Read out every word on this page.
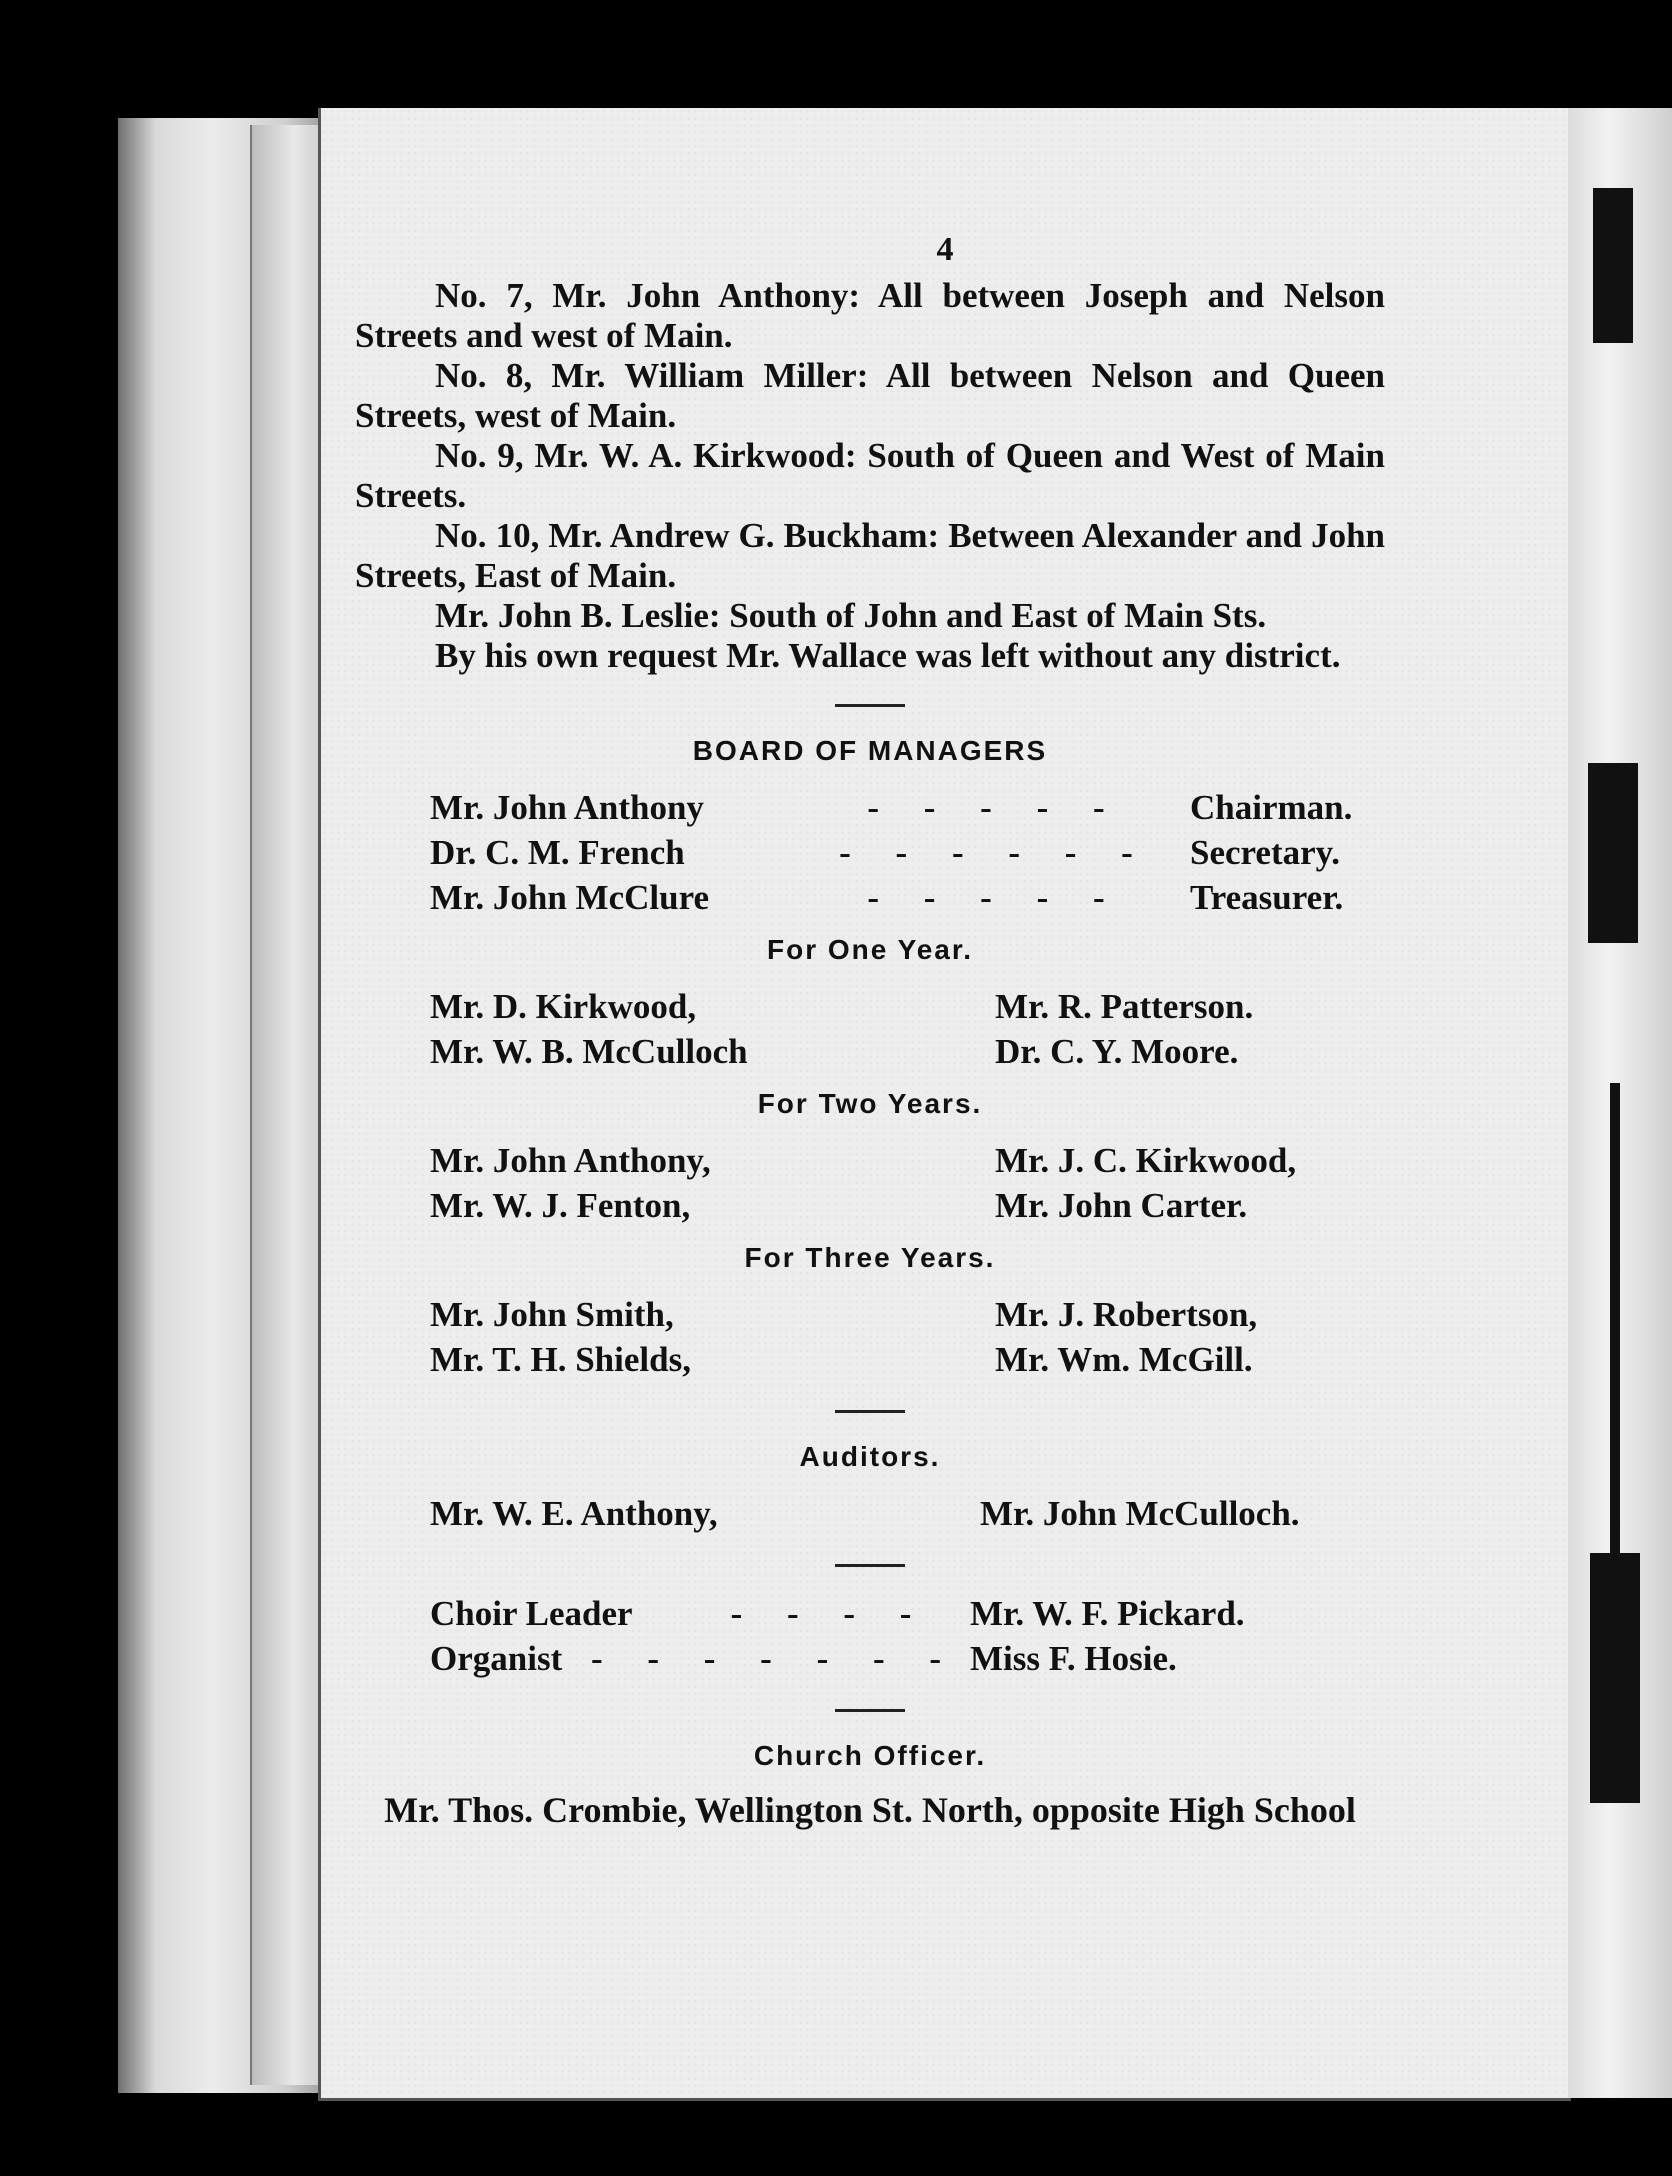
4

No. 7, Mr. John Anthony: All between Joseph and Nelson Streets and west of Main.

No. 8, Mr. William Miller: All between Nelson and Queen Streets, west of Main.

No. 9, Mr. W. A. Kirkwood: South of Queen and West of Main Streets.

No. 10, Mr. Andrew G. Buckham: Between Alexander and John Streets, East of Main.

Mr. John B. Leslie: South of John and East of Main Sts.

By his own request Mr. Wallace was left without any district.

BOARD OF MANAGERS
Mr. John Anthony	- - - - -	Chairman.
Dr. C. M. French	- - - - - -	Secretary.
Mr. John McClure	- - - - -	Treasurer.
For One Year.
Mr. D. Kirkwood,	Mr. R. Patterson.
Mr. W. B. McCulloch	Dr. C. Y. Moore.
For Two Years.
Mr. John Anthony,	Mr. J. C. Kirkwood,
Mr. W. J. Fenton,	Mr. John Carter.
For Three Years.
Mr. John Smith,	Mr. J. Robertson,
Mr. T. H. Shields,	Mr. Wm. McGill.
Auditors.
Mr. W. E. Anthony,	Mr. John McCulloch.
Choir Leader	- - - -	Mr. W. F. Pickard.
Organist - - - - - - - Miss F. Hosie.
Church Officer.
Mr. Thos. Crombie, Wellington St. North, opposite High School
